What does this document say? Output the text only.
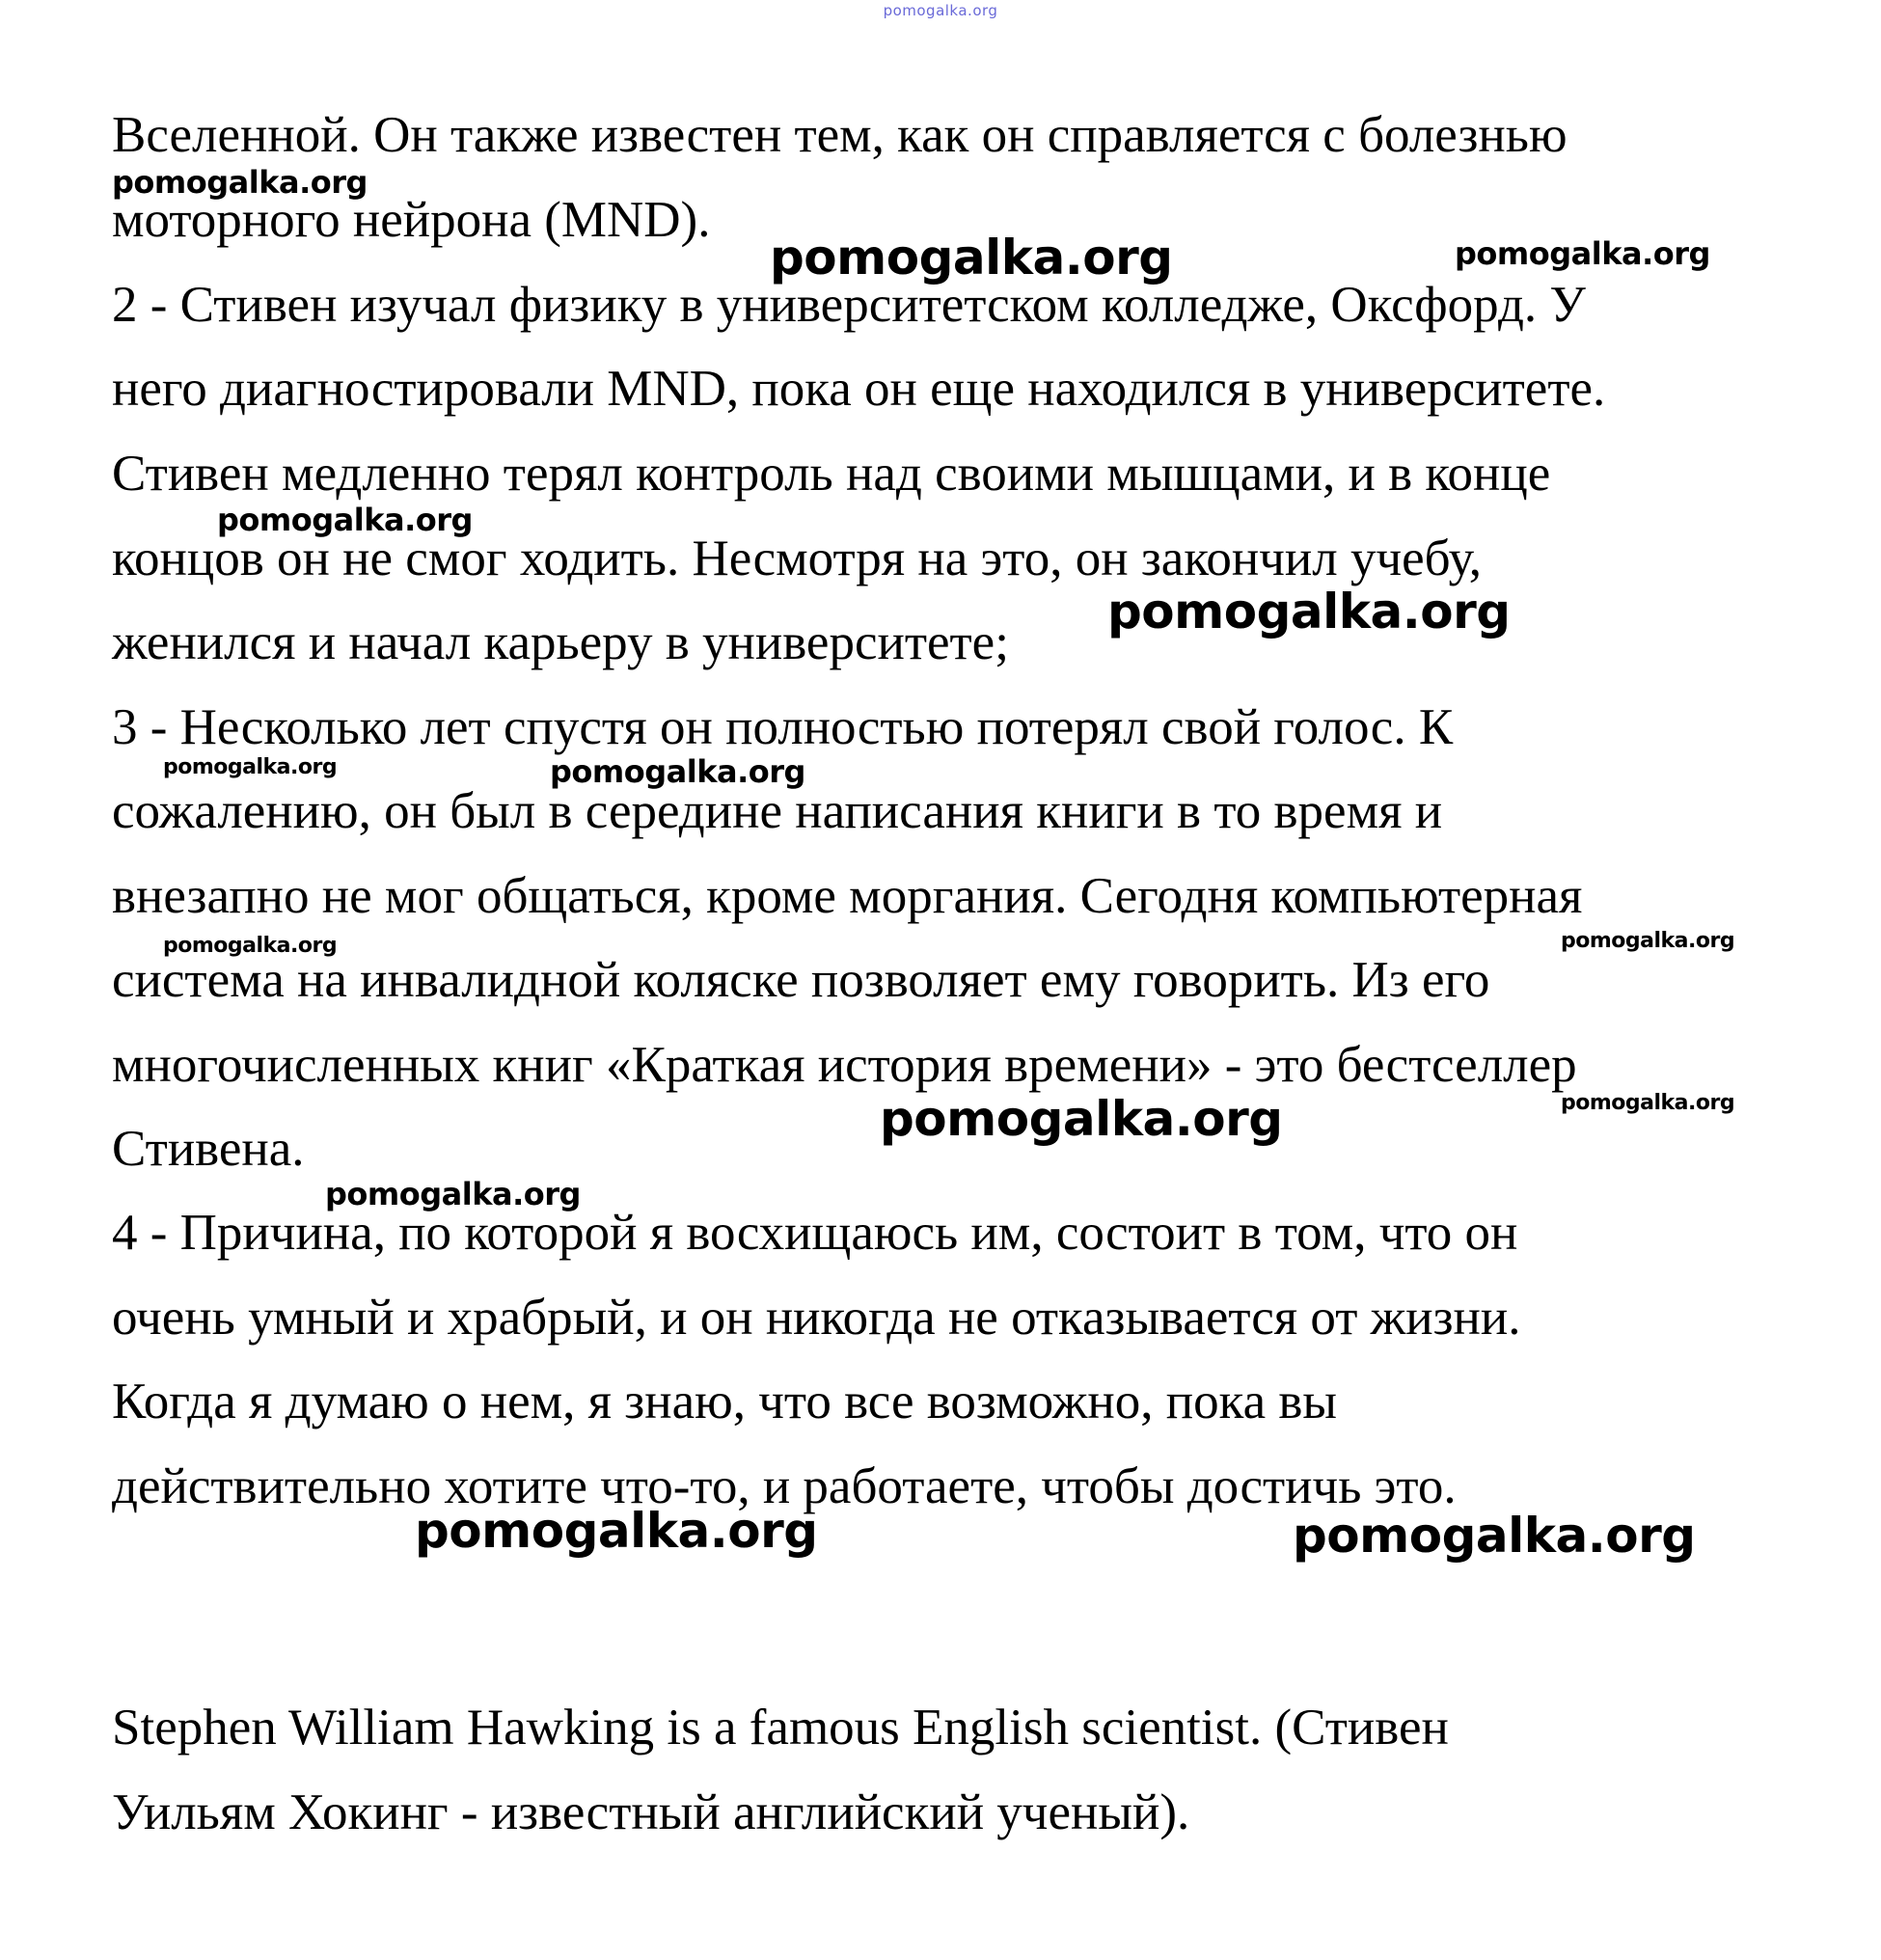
pomogalka.org
Вселенной. Он также известен тем, как он справляется с болезнью
моторного нейрона (MND).
2 - Стивен изучал физику в университетском колледже, Оксфорд. У
него диагностировали MND, пока он еще находился в университете.
Стивен медленно терял контроль над своими мышцами, и в конце
концов он не смог ходить. Несмотря на это, он закончил учебу,
женился и начал карьеру в университете;
3 - Несколько лет спустя он полностью потерял свой голос. К
сожалению, он был в середине написания книги в то время и
внезапно не мог общаться, кроме моргания. Сегодня компьютерная
система на инвалидной коляске позволяет ему говорить. Из его
многочисленных книг «Краткая история времени» - это бестселлер
Стивена.
4 - Причина, по которой я восхищаюсь им, состоит в том, что он
очень умный и храбрый, и он никогда не отказывается от жизни.
Когда я думаю о нем, я знаю, что все возможно, пока вы
действительно хотите что-то, и работаете, чтобы достичь это.
Stephen William Hawking is a famous English scientist. (Стивен
Уильям Хокинг - известный английский ученый).
pomogalka.org
pomogalka.org	pomogalka.org
pomogalka.org
pomogalka.org
pomogalka.org	pomogalka.org
pomogalka.org	pomogalka.org
pomogalka.org	pomogalka.org
pomogalka.org
pomogalka.org	pomogalka.org
